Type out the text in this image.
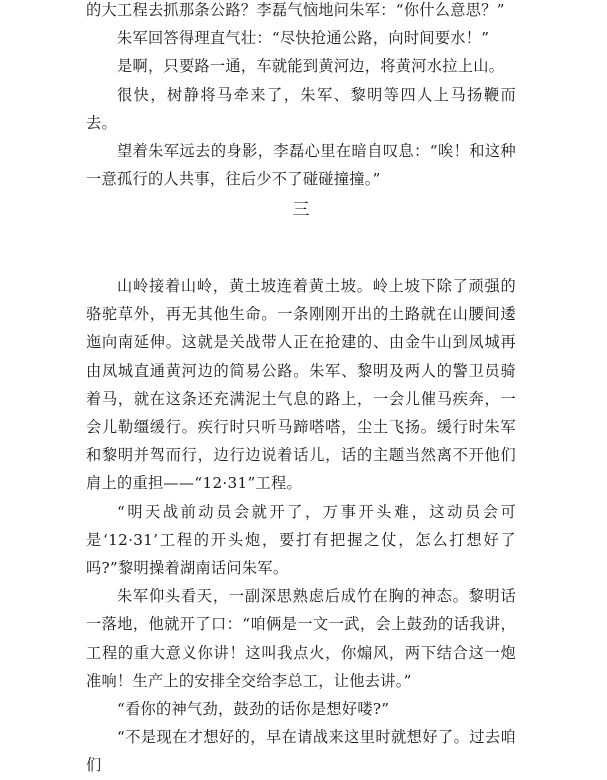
的大工程去抓那条公路？李磊气恼地问朱军：“你什么意思？”

朱军回答得理直气壮：“尽快抢通公路，向时间要水！”

是啊，只要路一通，车就能到黄河边，将黄河水拉上山。

很快，树静将马牵来了，朱军、黎明等四人上马扬鞭而去。

望着朱军远去的身影，李磊心里在暗自叹息：“唉！和这种一意孤行的人共事，往后少不了碰碰撞撞。”

三

山岭接着山岭，黄土坡连着黄土坡。岭上坡下除了顽强的骆驼草外，再无其他生命。一条刚刚开出的土路就在山腰间逶迤向南延伸。这就是关战带人正在抢建的、由金牛山到凤城再由凤城直通黄河边的简易公路。朱军、黎明及两人的警卫员骑着马，就在这条还充满泥土气息的路上，一会儿催马疾奔，一会儿勒缰缓行。疾行时只听马蹄嗒嗒，尘土飞扬。缓行时朱军和黎明并驾而行，边行边说着话儿，话的主题当然离不开他们肩上的重担——“12·31”工程。

“明天战前动员会就开了，万事开头难，这动员会可是‘12·31’工程的开头炮，要打有把握之仗，怎么打想好了吗?”黎明操着湖南话问朱军。

朱军仰头看天，一副深思熟虑后成竹在胸的神态。黎明话一落地，他就开了口：“咱俩是一文一武，会上鼓劲的话我讲，工程的重大意义你讲！这叫我点火，你煽风，两下结合这一炮准响！生产上的安排全交给李总工，让他去讲。”

“看你的神气劲，鼓劲的话你是想好喽?”

“不是现在才想好的，早在请战来这里时就想好了。过去咱们
